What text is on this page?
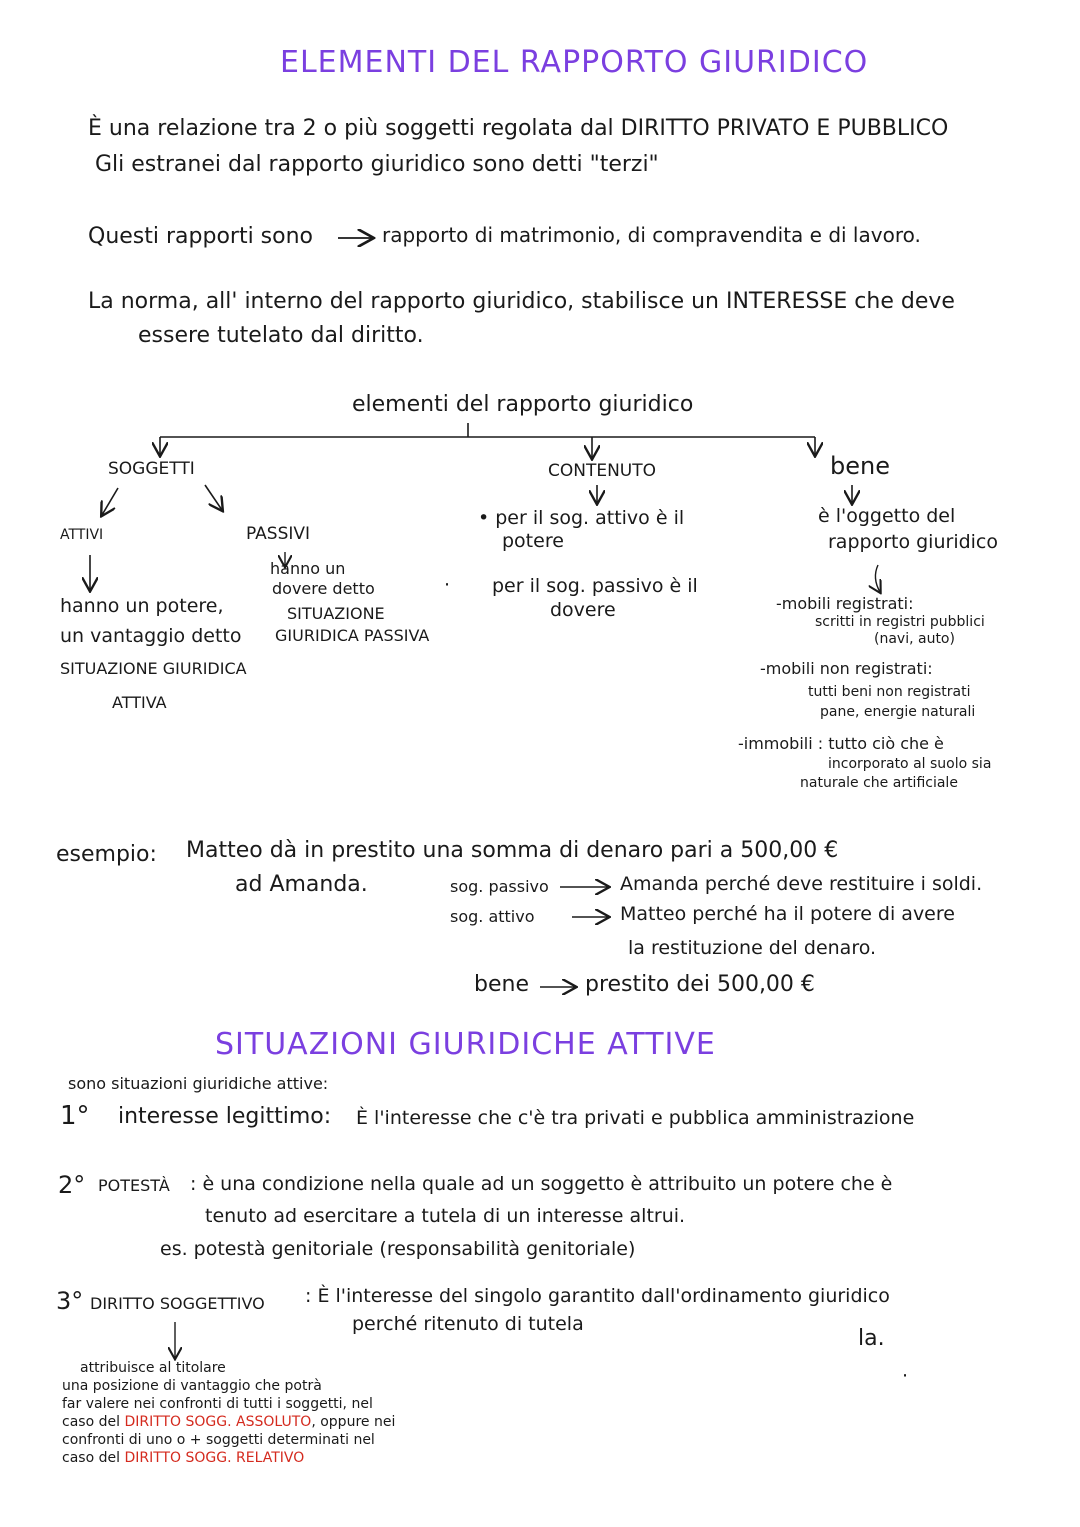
ELEMENTI DEL RAPPORTO GIURIDICO
È una relazione tra 2 o più soggetti regolata dal DIRITTO PRIVATO E PUBBLICO
Gli estranei dal rapporto giuridico sono detti "terzi"
Questi rapporti sono	rapporto di matrimonio, di compravendita e di lavoro.
La norma, all' interno del rapporto giuridico, stabilisce un INTERESSE che deve
essere tutelato dal diritto.
elementi del rapporto giuridico
SOGGETTI
ATTIVI
hanno un potere,
un vantaggio detto
SITUAZIONE GIURIDICA
ATTIVA
PASSIVI
hanno un
dovere detto
SITUAZIONE
GIURIDICA PASSIVA
CONTENUTO
• per il sog. attivo è il
potere
per il sog. passivo è il
dovere
·
bene
è l'oggetto del
rapporto giuridico
-mobili registrati:
scritti in registri pubblici
(navi, auto)
-mobili non registrati:
tutti beni non registrati
pane, energie naturali
-immobili : tutto ciò che è
incorporato al suolo sia
naturale che artificiale
esempio: Matteo dà in prestito una somma di denaro pari a 500,00 €
ad Amanda.	sog. passivo	Amanda perché deve restituire i soldi.
sog. attivo	Matteo perché ha il potere di avere
la restituzione del denaro.
bene	prestito dei 500,00 €
SITUAZIONI GIURIDICHE ATTIVE
sono situazioni giuridiche attive:
1° interesse legittimo: È l'interesse che c'è tra privati e pubblica amministrazione
2° POTESTÀ : è una condizione nella quale ad un soggetto è attribuito un potere che è
tenuto ad esercitare a tutela di un interesse altrui.
es. potestà genitoriale (responsabilità genitoriale)
3° DIRITTO SOGGETTIVO : È l'interesse del singolo garantito dall'ordinamento giuridico
perché ritenuto di tutela
la.
·
attribuisce al titolare
una posizione di vantaggio che potrà
far valere nei confronti di tutti i soggetti, nel
caso del DIRITTO SOGG. ASSOLUTO, oppure nei
confronti di uno o + soggetti determinati nel
caso del DIRITTO SOGG. RELATIVO
